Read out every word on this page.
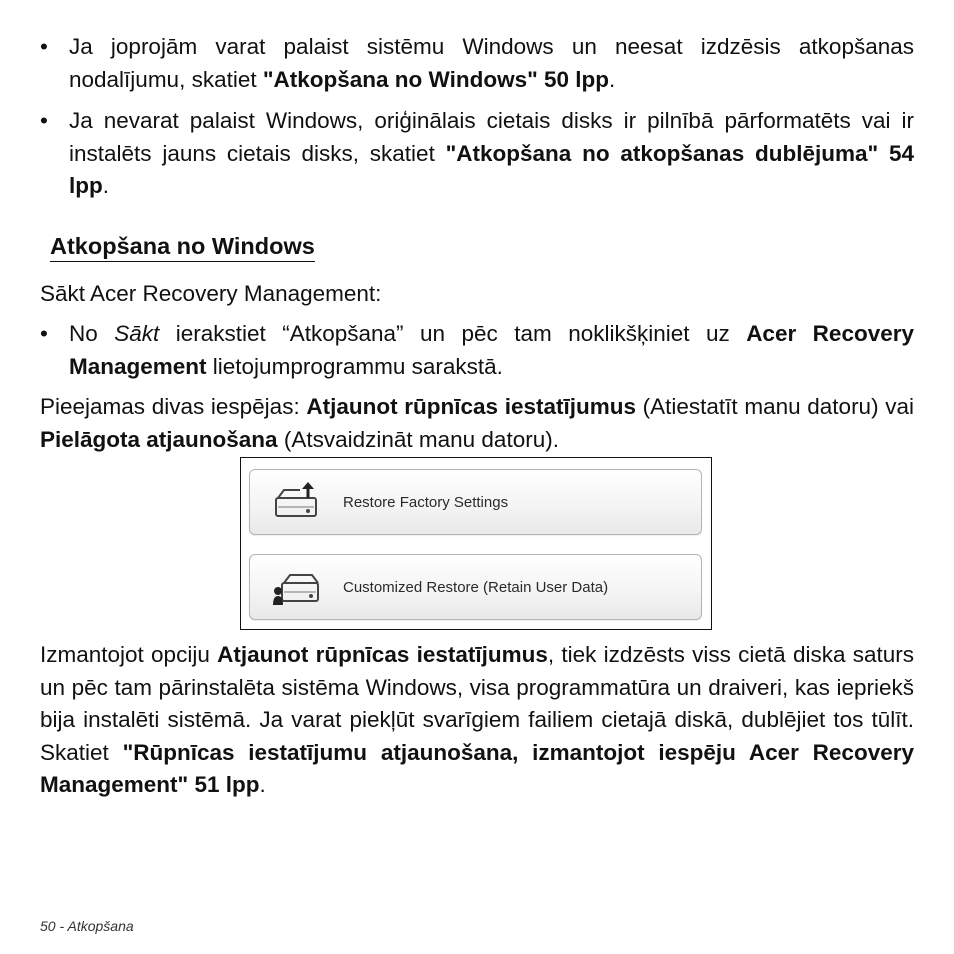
• Ja joprojām varat palaist sistēmu Windows un neesat izdzēsis atkopšanas nodalījumu, skatiet "Atkopšana no Windows" 50 lpp.
• Ja nevarat palaist Windows, oriģinālais cietais disks ir pilnībā pārformatēts vai ir instalēts jauns cietais disks, skatiet "Atkopšana no atkopšanas dublējuma" 54 lpp.
Atkopšana no Windows

Sākt Acer Recovery Management:

• No Sākt ierakstiet “Atkopšana” un pēc tam noklikšķiniet uz Acer Recovery Management lietojumprogrammu sarakstā.

Pieejamas divas iespējas: Atjaunot rūpnīcas iestatījumus (Atiestatīt manu datoru) vai Pielāgota atjaunošana (Atsvaidzināt manu datoru).

Restore Factory Settings
Customized Restore (Retain User Data)

Izmantojot opciju Atjaunot rūpnīcas iestatījumus, tiek izdzēsts viss cietā diska saturs un pēc tam pārinstalēta sistēma Windows, visa programmatūra un draiveri, kas iepriekš bija instalēti sistēmā. Ja varat piekļūt svarīgiem failiem cietajā diskā, dublējiet tos tūlīt. Skatiet "Rūpnīcas iestatījumu atjaunošana, izmantojot iespēju Acer Recovery Management" 51 lpp.

50 - Atkopšana
